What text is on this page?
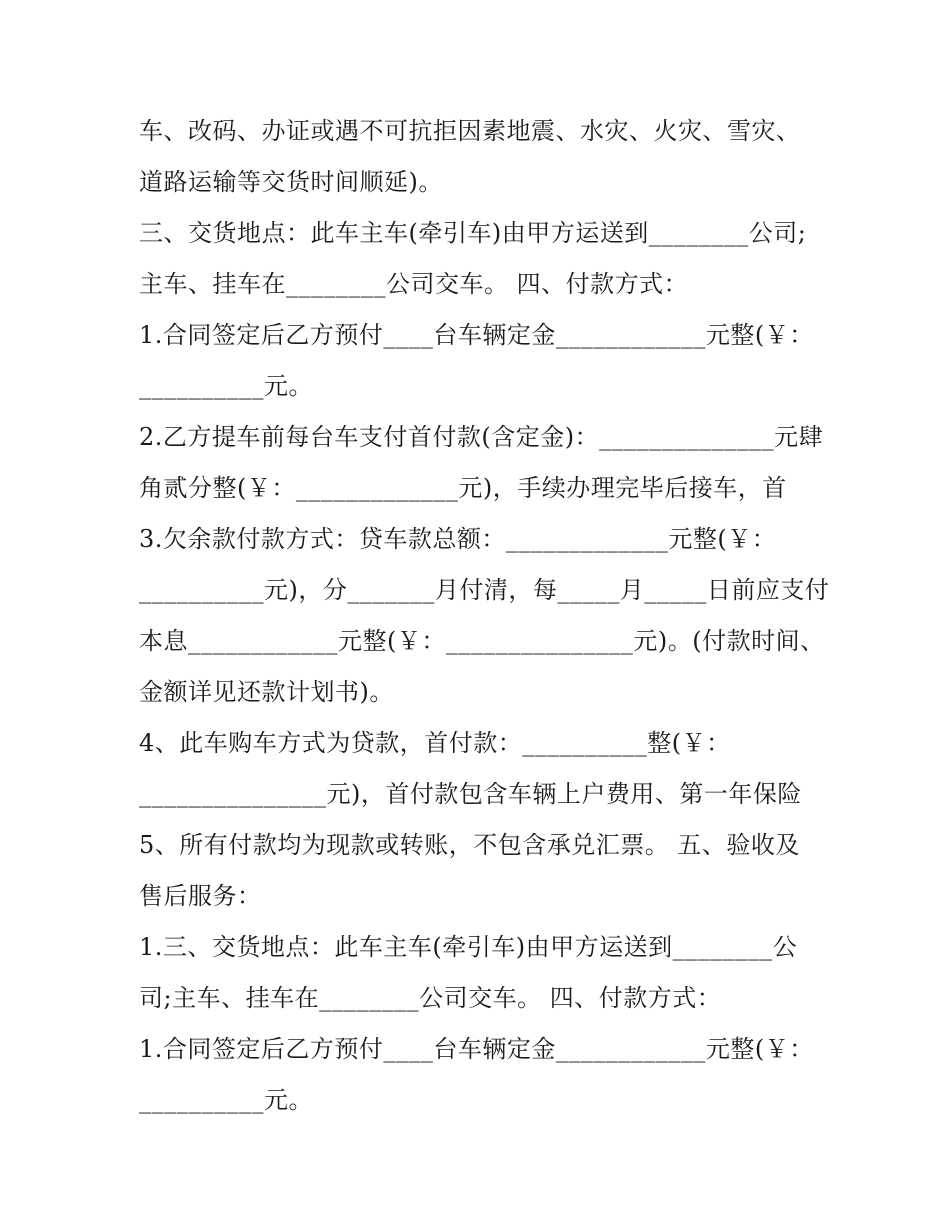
车、改码、办证或遇不可抗拒因素地震、水灾、火灾、雪灾、
道路运输等交货时间顺延)。
三、交货地点：此车主车(牵引车)由甲方运送到________公司;
主车、挂车在________公司交车。 四、付款方式：
1.合同签定后乙方预付____台车辆定金____________元整(￥：
__________元。
2.乙方提车前每台车支付首付款(含定金)：______________元肆
角贰分整(￥：_____________元)，手续办理完毕后接车，首
3.欠余款付款方式：贷车款总额：_____________元整(￥：
__________元)，分_______月付清，每_____月_____日前应支付
本息____________元整(￥：_______________元)。(付款时间、
金额详见还款计划书)。
4、此车购车方式为贷款，首付款：__________整(￥：
_______________元)，首付款包含车辆上户费用、第一年保险
5、所有付款均为现款或转账，不包含承兑汇票。 五、验收及
售后服务：
1.三、交货地点：此车主车(牵引车)由甲方运送到________公
司;主车、挂车在________公司交车。 四、付款方式：
1.合同签定后乙方预付____台车辆定金____________元整(￥：
__________元。
